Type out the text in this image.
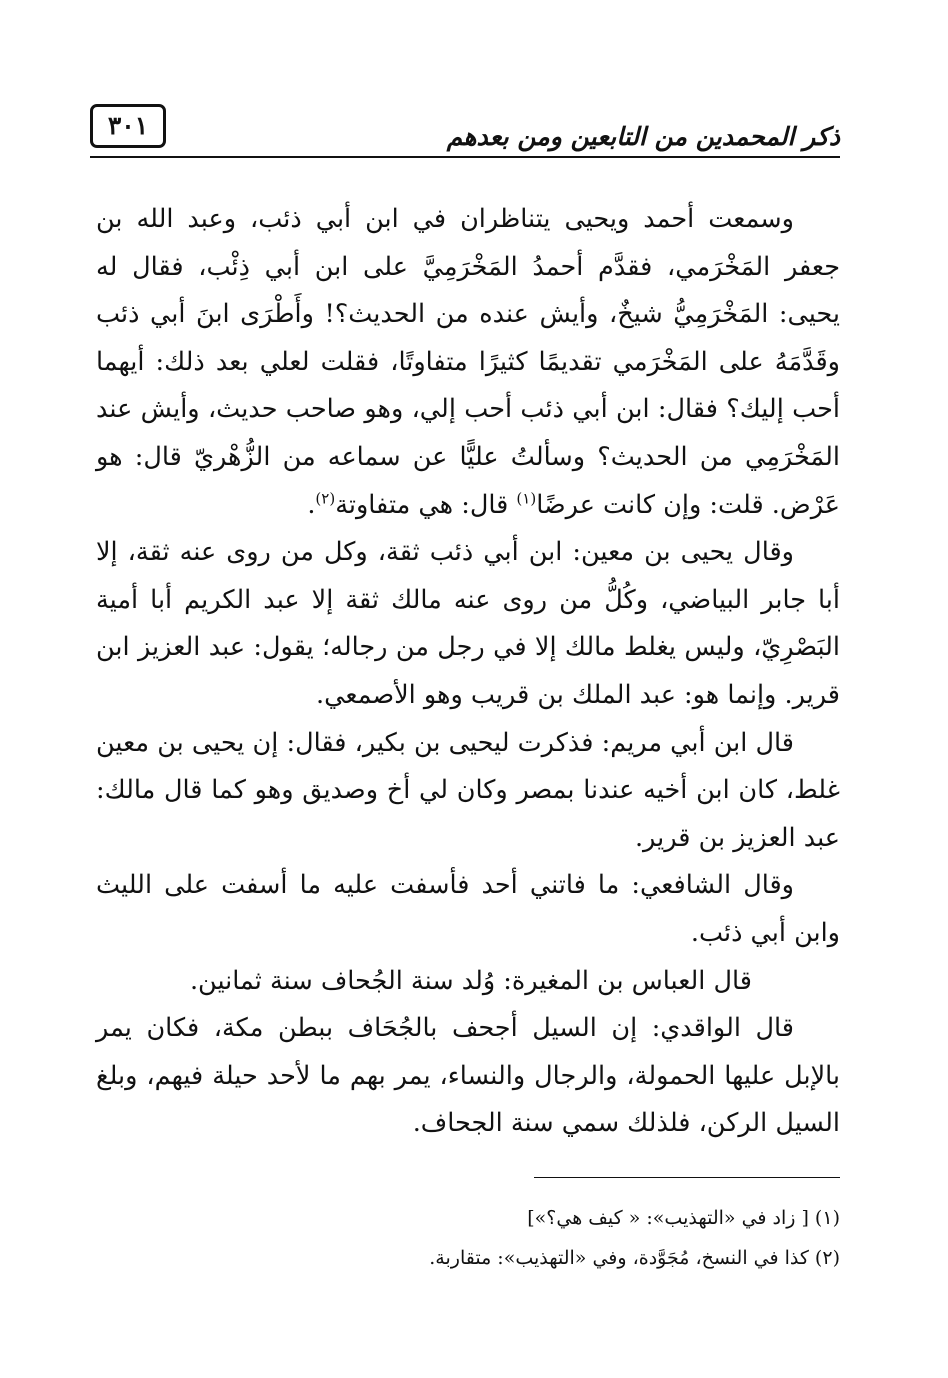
ذكر المحمدين من التابعين ومن بعدهم
٣٠١

وسمعت أحمد ويحيى يتناظران في ابن أبي ذئب، وعبد الله بن جعفر المَخْرَمي، فقدَّم أحمدُ المَخْرَمِيَّ على ابن أبي ذِئْب، فقال له يحيى: المَخْرَمِيُّ شيخٌ، وأيش عنده من الحديث؟! وأَطْرَى ابنَ أبي ذئب وقَدَّمَهُ على المَخْرَمي تقديمًا كثيرًا متفاوتًا، فقلت لعلي بعد ذلك: أيهما أحب إليك؟ فقال: ابن أبي ذئب أحب إلي، وهو صاحب حديث، وأيش عند المَخْرَمِي من الحديث؟ وسألتُ عليًّا عن سماعه من الزُّهْريّ قال: هو عَرْض. قلت: وإن كانت عرضًا$^{(١)}$ قال: هي متفاوتة$^{(٢)}$.

وقال يحيى بن معين: ابن أبي ذئب ثقة، وكل من روى عنه ثقة، إلا أبا جابر البياضي، وكُلُّ من روى عنه مالك ثقة إلا عبد الكريم أبا أمية البَصْرِيّ، وليس يغلط مالك إلا في رجل من رجاله؛ يقول: عبد العزيز ابن قرير. وإنما هو: عبد الملك بن قريب وهو الأصمعي.

قال ابن أبي مريم: فذكرت ليحيى بن بكير، فقال: إن يحيى بن معين غلط، كان ابن أخيه عندنا بمصر وكان لي أخ وصديق وهو كما قال مالك: عبد العزيز بن قرير.

وقال الشافعي: ما فاتني أحد فأسفت عليه ما أسفت على الليث وابن أبي ذئب.

قال العباس بن المغيرة: وُلد سنة الجُحاف سنة ثمانين.

قال الواقدي: إن السيل أجحف بالجُحَاف ببطن مكة، فكان يمر بالإبل عليها الحمولة، والرجال والنساء، يمر بهم ما لأحد حيلة فيهم، وبلغ السيل الركن، فلذلك سمي سنة الجحاف.

(١) [ زاد في «التهذيب»: « كيف هي؟»]

(٢) كذا في النسخ، مُجَوَّدة، وفي «التهذيب»: متقاربة.
